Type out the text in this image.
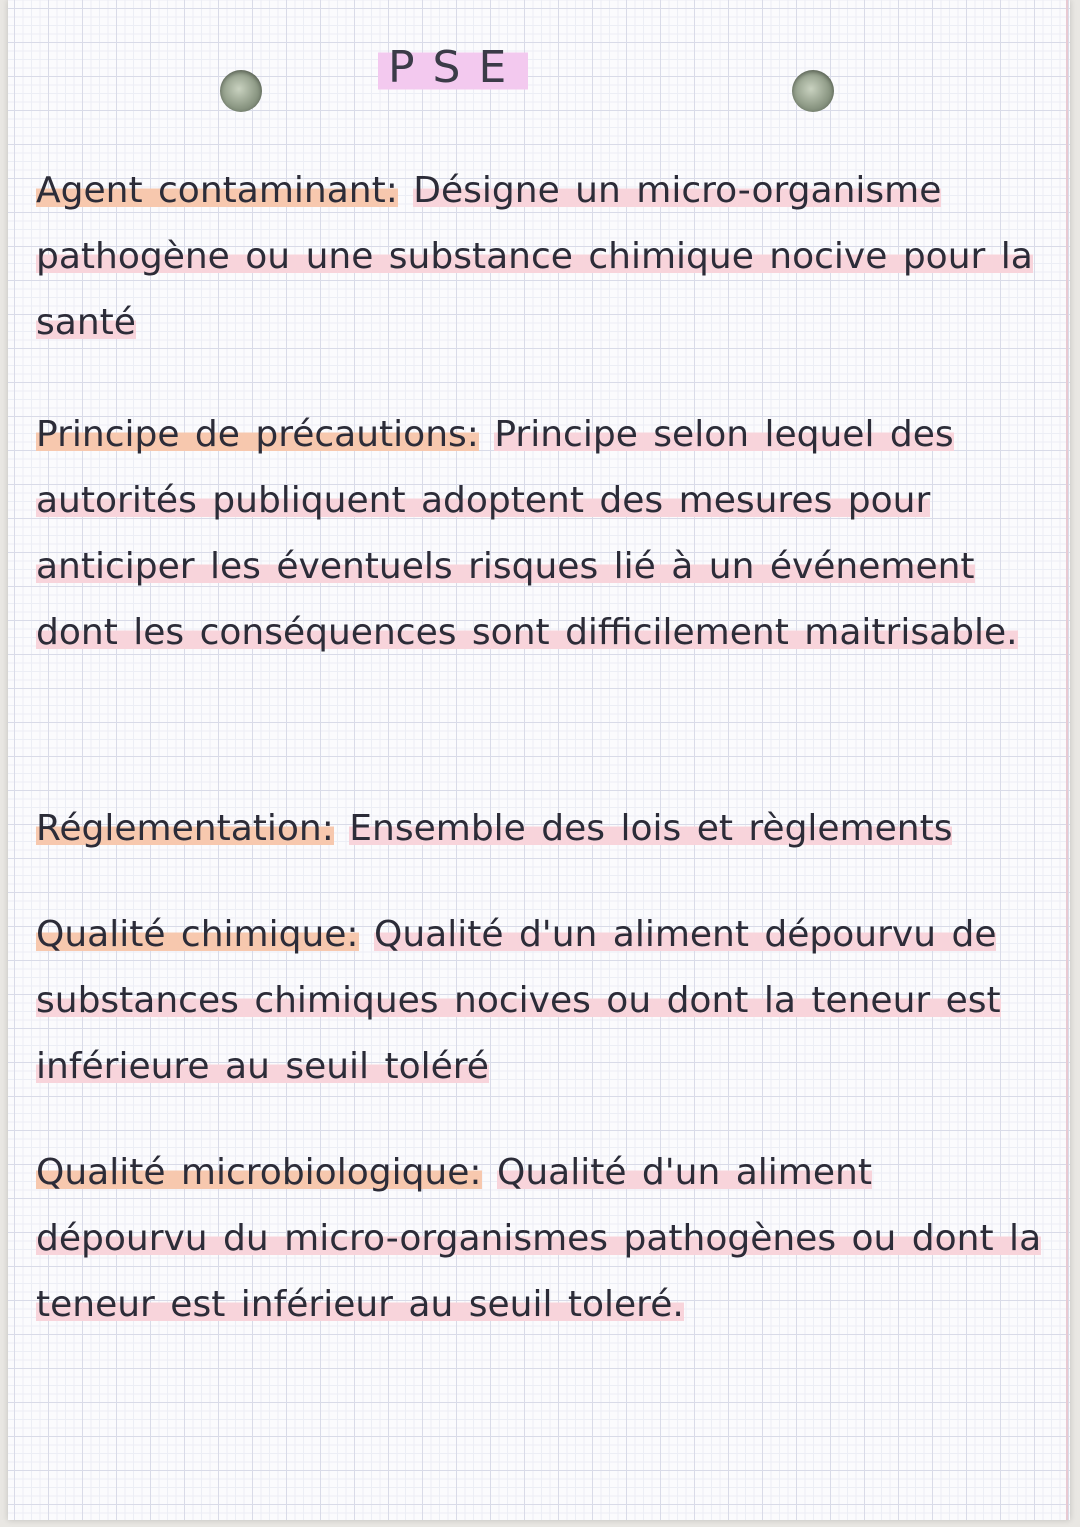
PSE
Agent contaminant: Désigne un micro-organisme pathogène ou une substance chimique nocive pour la santé
Principe de précautions: Principe selon lequel des autorités publiquent adoptent des mesures pour anticiper les éventuels risques lié à un événement dont les conséquences sont difficilement maitrisable.
Réglementation: Ensemble des lois et règlements
Qualité chimique: Qualité d'un aliment dépourvu de substances chimiques nocives ou dont la teneur est inférieure au seuil toléré
Qualité microbiologique: Qualité d'un aliment dépourvu du micro-organismes pathogènes ou dont la teneur est inférieur au seuil toleré.
